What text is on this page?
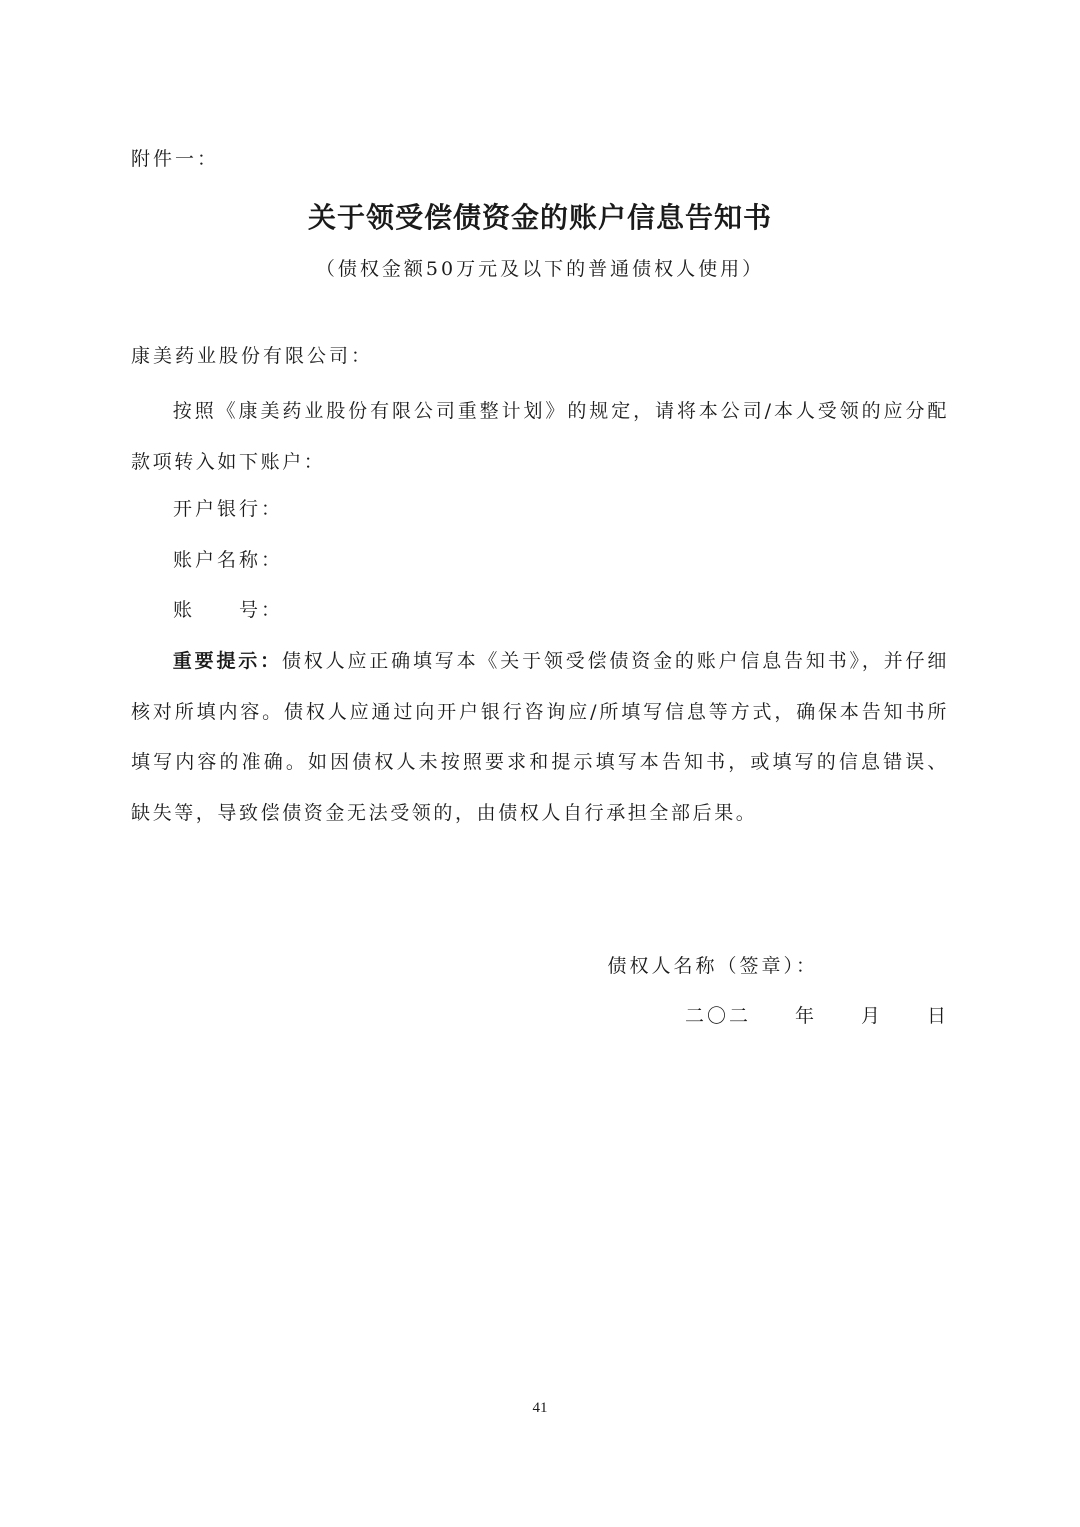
附件一：
关于领受偿债资金的账户信息告知书
（债权金额50万元及以下的普通债权人使用）
康美药业股份有限公司：
按照《康美药业股份有限公司重整计划》的规定，请将本公司/本人受领的应分配款项转入如下账户：
开户银行：
账户名称：
账 号：
重要提示：债权人应正确填写本《关于领受偿债资金的账户信息告知书》，并仔细核对所填内容。债权人应通过向开户银行咨询应/所填写信息等方式，确保本告知书所填写内容的准确。如因债权人未按照要求和提示填写本告知书，或填写的信息错误、缺失等，导致偿债资金无法受领的，由债权人自行承担全部后果。
债权人名称（签章）：
二〇二 年 月 日
41
